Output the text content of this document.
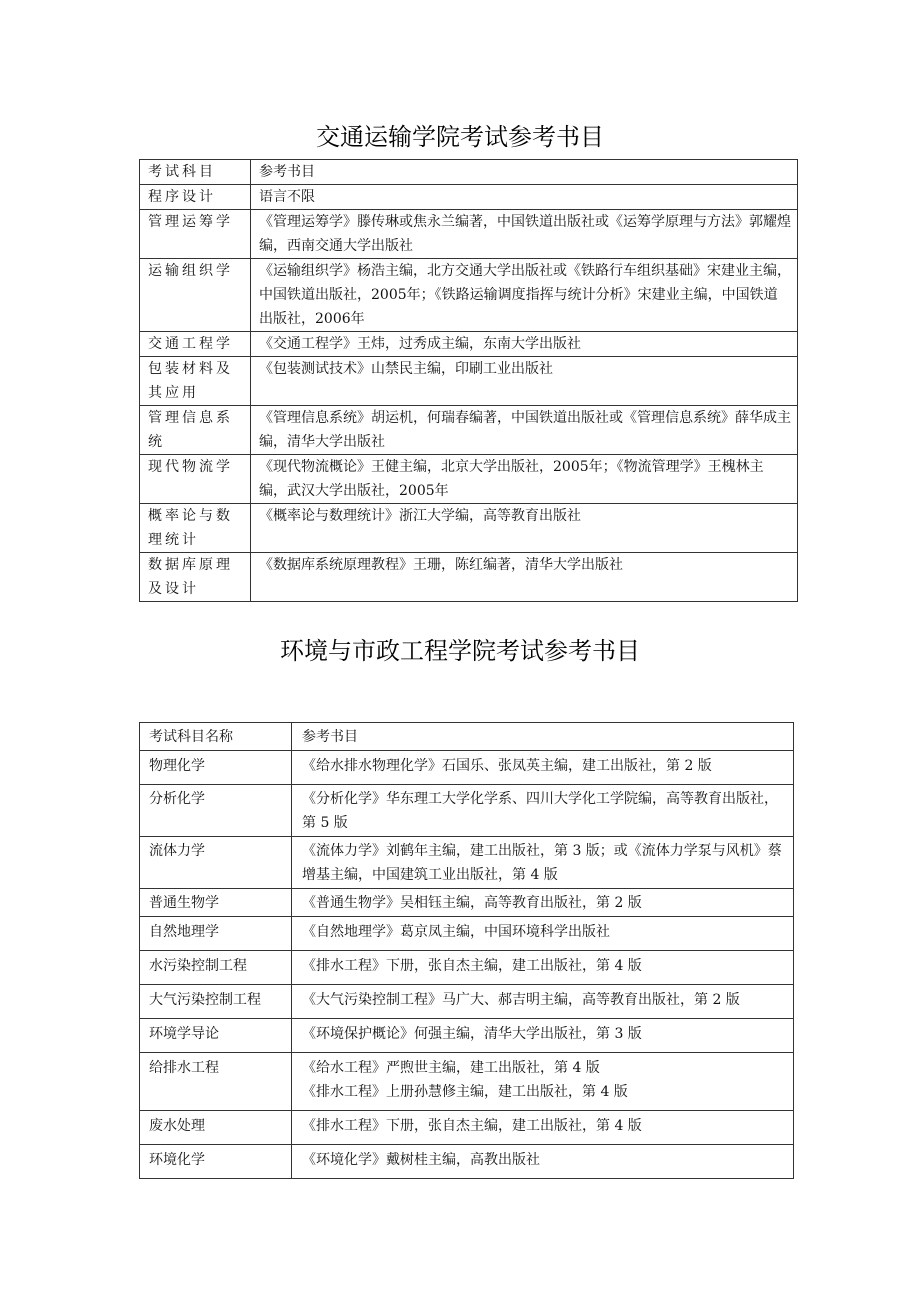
交通运输学院考试参考书目
考试科目	参考书目
程序设计	语言不限
管理运筹学	《管理运筹学》滕传琳或焦永兰编著，中国铁道出版社或《运筹学原理与方法》郭耀煌编，西南交通大学出版社
运输组织学	《运输组织学》杨浩主编，北方交通大学出版社或《铁路行车组织基础》宋建业主编，中国铁道出版社，2005年；《铁路运输调度指挥与统计分析》宋建业主编，中国铁道出版社，2006年
交通工程学	《交通工程学》王炜，过秀成主编，东南大学出版社
包装材料及其应用	《包装测试技术》山禁民主编，印刷工业出版社
管理信息系统	《管理信息系统》胡运机，何瑞春编著，中国铁道出版社或《管理信息系统》薛华成主编，清华大学出版社
现代物流学	《现代物流概论》王健主编，北京大学出版社，2005年；《物流管理学》王槐林主编，武汉大学出版社，2005年
概率论与数理统计	《概率论与数理统计》浙江大学编，高等教育出版社
数据库原理及设计	《数据库系统原理教程》王珊，陈红编著，清华大学出版社
环境与市政工程学院考试参考书目
考试科目名称	参考书目
物理化学	《给水排水物理化学》石国乐、张凤英主编，建工出版社，第 2 版
分析化学	《分析化学》华东理工大学化学系、四川大学化工学院编，高等教育出版社，第 5 版
流体力学	《流体力学》刘鹤年主编，建工出版社，第 3 版；或《流体力学泵与风机》蔡增基主编，中国建筑工业出版社，第 4 版
普通生物学	《普通生物学》吴相钰主编，高等教育出版社，第 2 版
自然地理学	《自然地理学》葛京凤主编，中国环境科学出版社
水污染控制工程	《排水工程》下册，张自杰主编，建工出版社，第 4 版
大气污染控制工程	《大气污染控制工程》马广大、郝吉明主编，高等教育出版社，第 2 版
环境学导论	《环境保护概论》何强主编，清华大学出版社，第 3 版
给排水工程	《给水工程》严煦世主编，建工出版社，第 4 版
《排水工程》上册孙慧修主编，建工出版社，第 4 版

废水处理	《排水工程》下册，张自杰主编，建工出版社，第 4 版
环境化学	《环境化学》戴树桂主编，高教出版社
